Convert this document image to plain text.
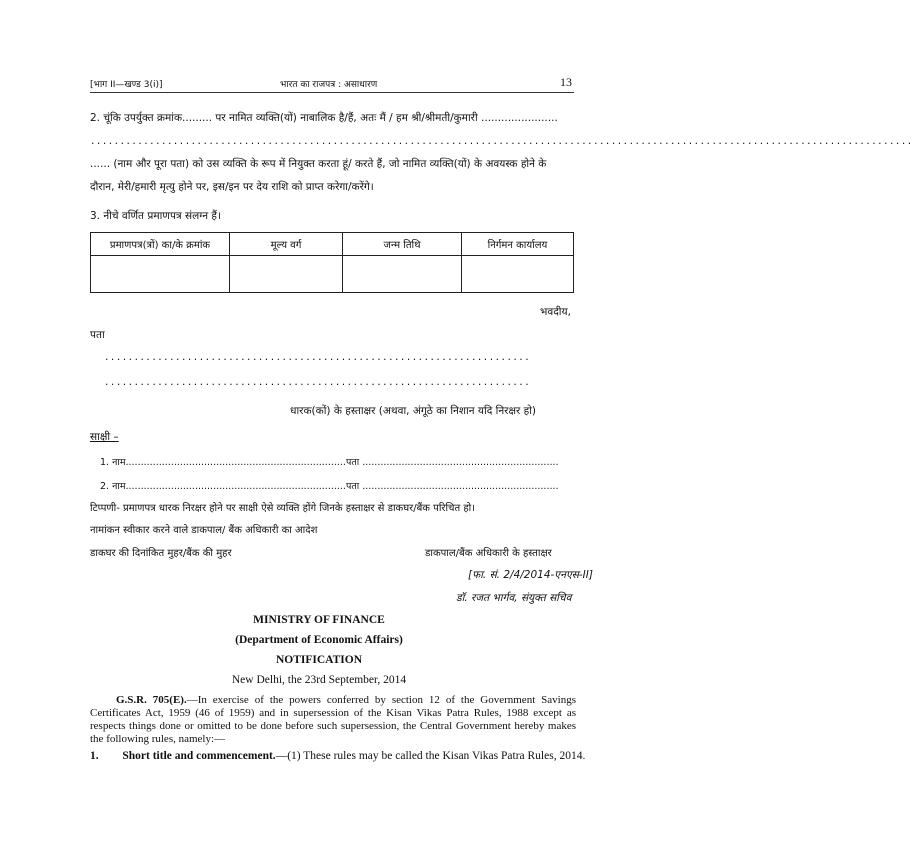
[भाग II—खण्ड 3(i)]	भारत का राजपत्र : असाधारण	13
2. चूंकि उपर्युक्त क्रमांक......... पर नामित व्यक्ति(यों) नाबालिक है/हैं, अतः मैं / हम श्री/श्रीमती/कुमारी .......................
...........................................................................................................................................
...... (नाम और पूरा पता) को उस व्यक्ति के रूप में नियुक्त करता हूं/ करते हैं, जो नामित व्यक्ति(यों) के अवयस्क होने के
दौरान, मेरी/हमारी मृत्यु होने पर, इस/इन पर देय राशि को प्राप्त करेगा/करेंगे।
3. नीचे वर्णित प्रमाणपत्र संलग्न हैं।
प्रमाणपत्र(त्रों) का/के क्रमांक	मूल्य वर्ग	जन्म तिथि	निर्गमन कार्यालय

भवदीय,
पता
........................................................................
........................................................................
धारक(कों) के हस्ताक्षर (अथवा, अंगूठे का निशान यदि निरक्षर हो)
साक्षी –
1. नाम.........................................................................पता .................................................................
2. नाम.........................................................................पता .................................................................
टिप्पणी- प्रमाणपत्र धारक निरक्षर होने पर साक्षी ऐसे व्यक्ति होंगे जिनके हस्ताक्षर से डाकघर/बैंक परिचित हो।
नामांकन स्वीकार करने वाले डाकपाल/ बैंक अधिकारी का आदेश
डाकघर की दिनांकित मुहर/बैंक की मुहर	डाकपाल/बैंक अधिकारी के हस्ताक्षर
[फा. सं. 2/4/2014-एनएस-II]
डॉ. रजत भार्गव, संयुक्त सचिव
MINISTRY OF FINANCE
(Department of Economic Affairs)
NOTIFICATION
New Delhi, the 23rd September, 2014
G.S.R. 705(E).—In exercise of the powers conferred by section 12 of the Government Savings Certificates Act, 1959 (46 of 1959) and in supersession of the Kisan Vikas Patra Rules, 1988 except as respects things done or omitted to be done before such supersession, the Central Government hereby makes the following rules, namely:—
1. Short title and commencement.—(1) These rules may be called the Kisan Vikas Patra Rules, 2014.
